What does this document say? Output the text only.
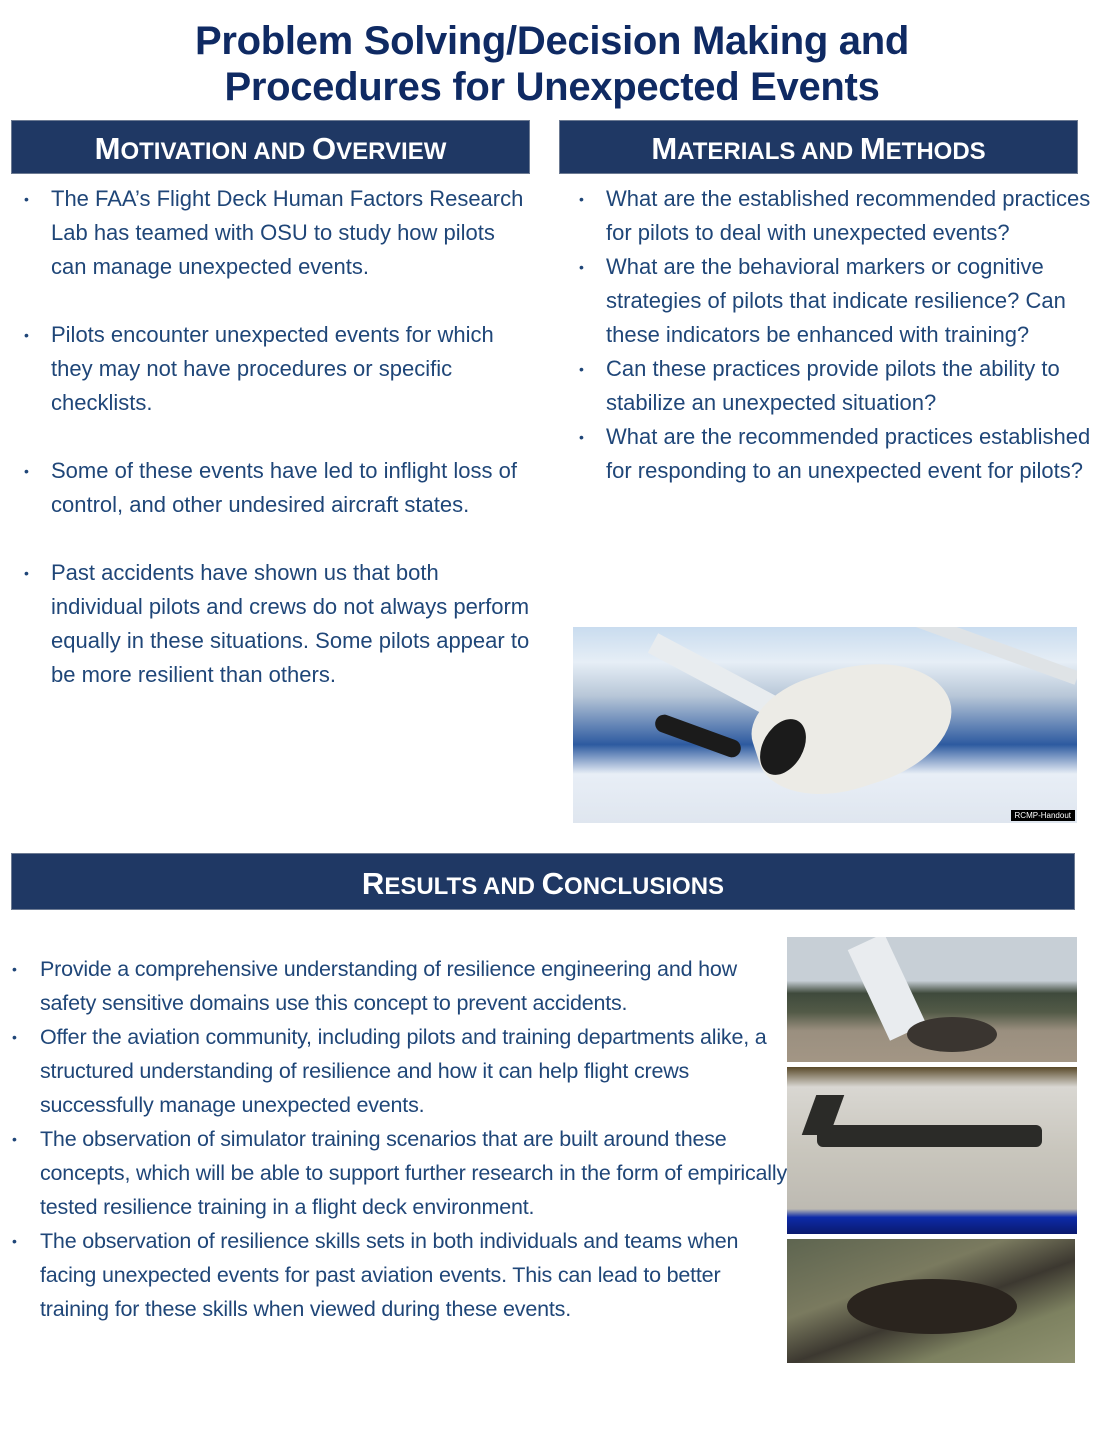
Problem Solving/Decision Making and
Procedures for Unexpected Events
MOTIVATION AND OVERVIEW	MATERIALS AND METHODS
• The FAA’s Flight Deck Human Factors Research Lab has teamed with OSU to study how pilots can manage unexpected events.
• Pilots encounter unexpected events for which they may not have procedures or specific checklists.
• Some of these events have led to inflight loss of control, and other undesired aircraft states.
• Past accidents have shown us that both individual pilots and crews do not always perform equally in these situations. Some pilots appear to be more resilient than others.
• What are the established recommended practices for pilots to deal with unexpected events?
• What are the behavioral markers or cognitive strategies of pilots that indicate resilience? Can these indicators be enhanced with training?
• Can these practices provide pilots the ability to stabilize an unexpected situation?
• What are the recommended practices established for responding to an unexpected event for pilots?
RCMP-Handout
RESULTS AND CONCLUSIONS
• Provide a comprehensive understanding of resilience engineering and how safety sensitive domains use this concept to prevent accidents.
• Offer the aviation community, including pilots and training departments alike, a structured understanding of resilience and how it can help flight crews successfully manage unexpected events.
• The observation of simulator training scenarios that are built around these concepts, which will be able to support further research in the form of empirically tested resilience training in a flight deck environment.
• The observation of resilience skills sets in both individuals and teams when facing unexpected events for past aviation events. This can lead to better training for these skills when viewed during these events.
